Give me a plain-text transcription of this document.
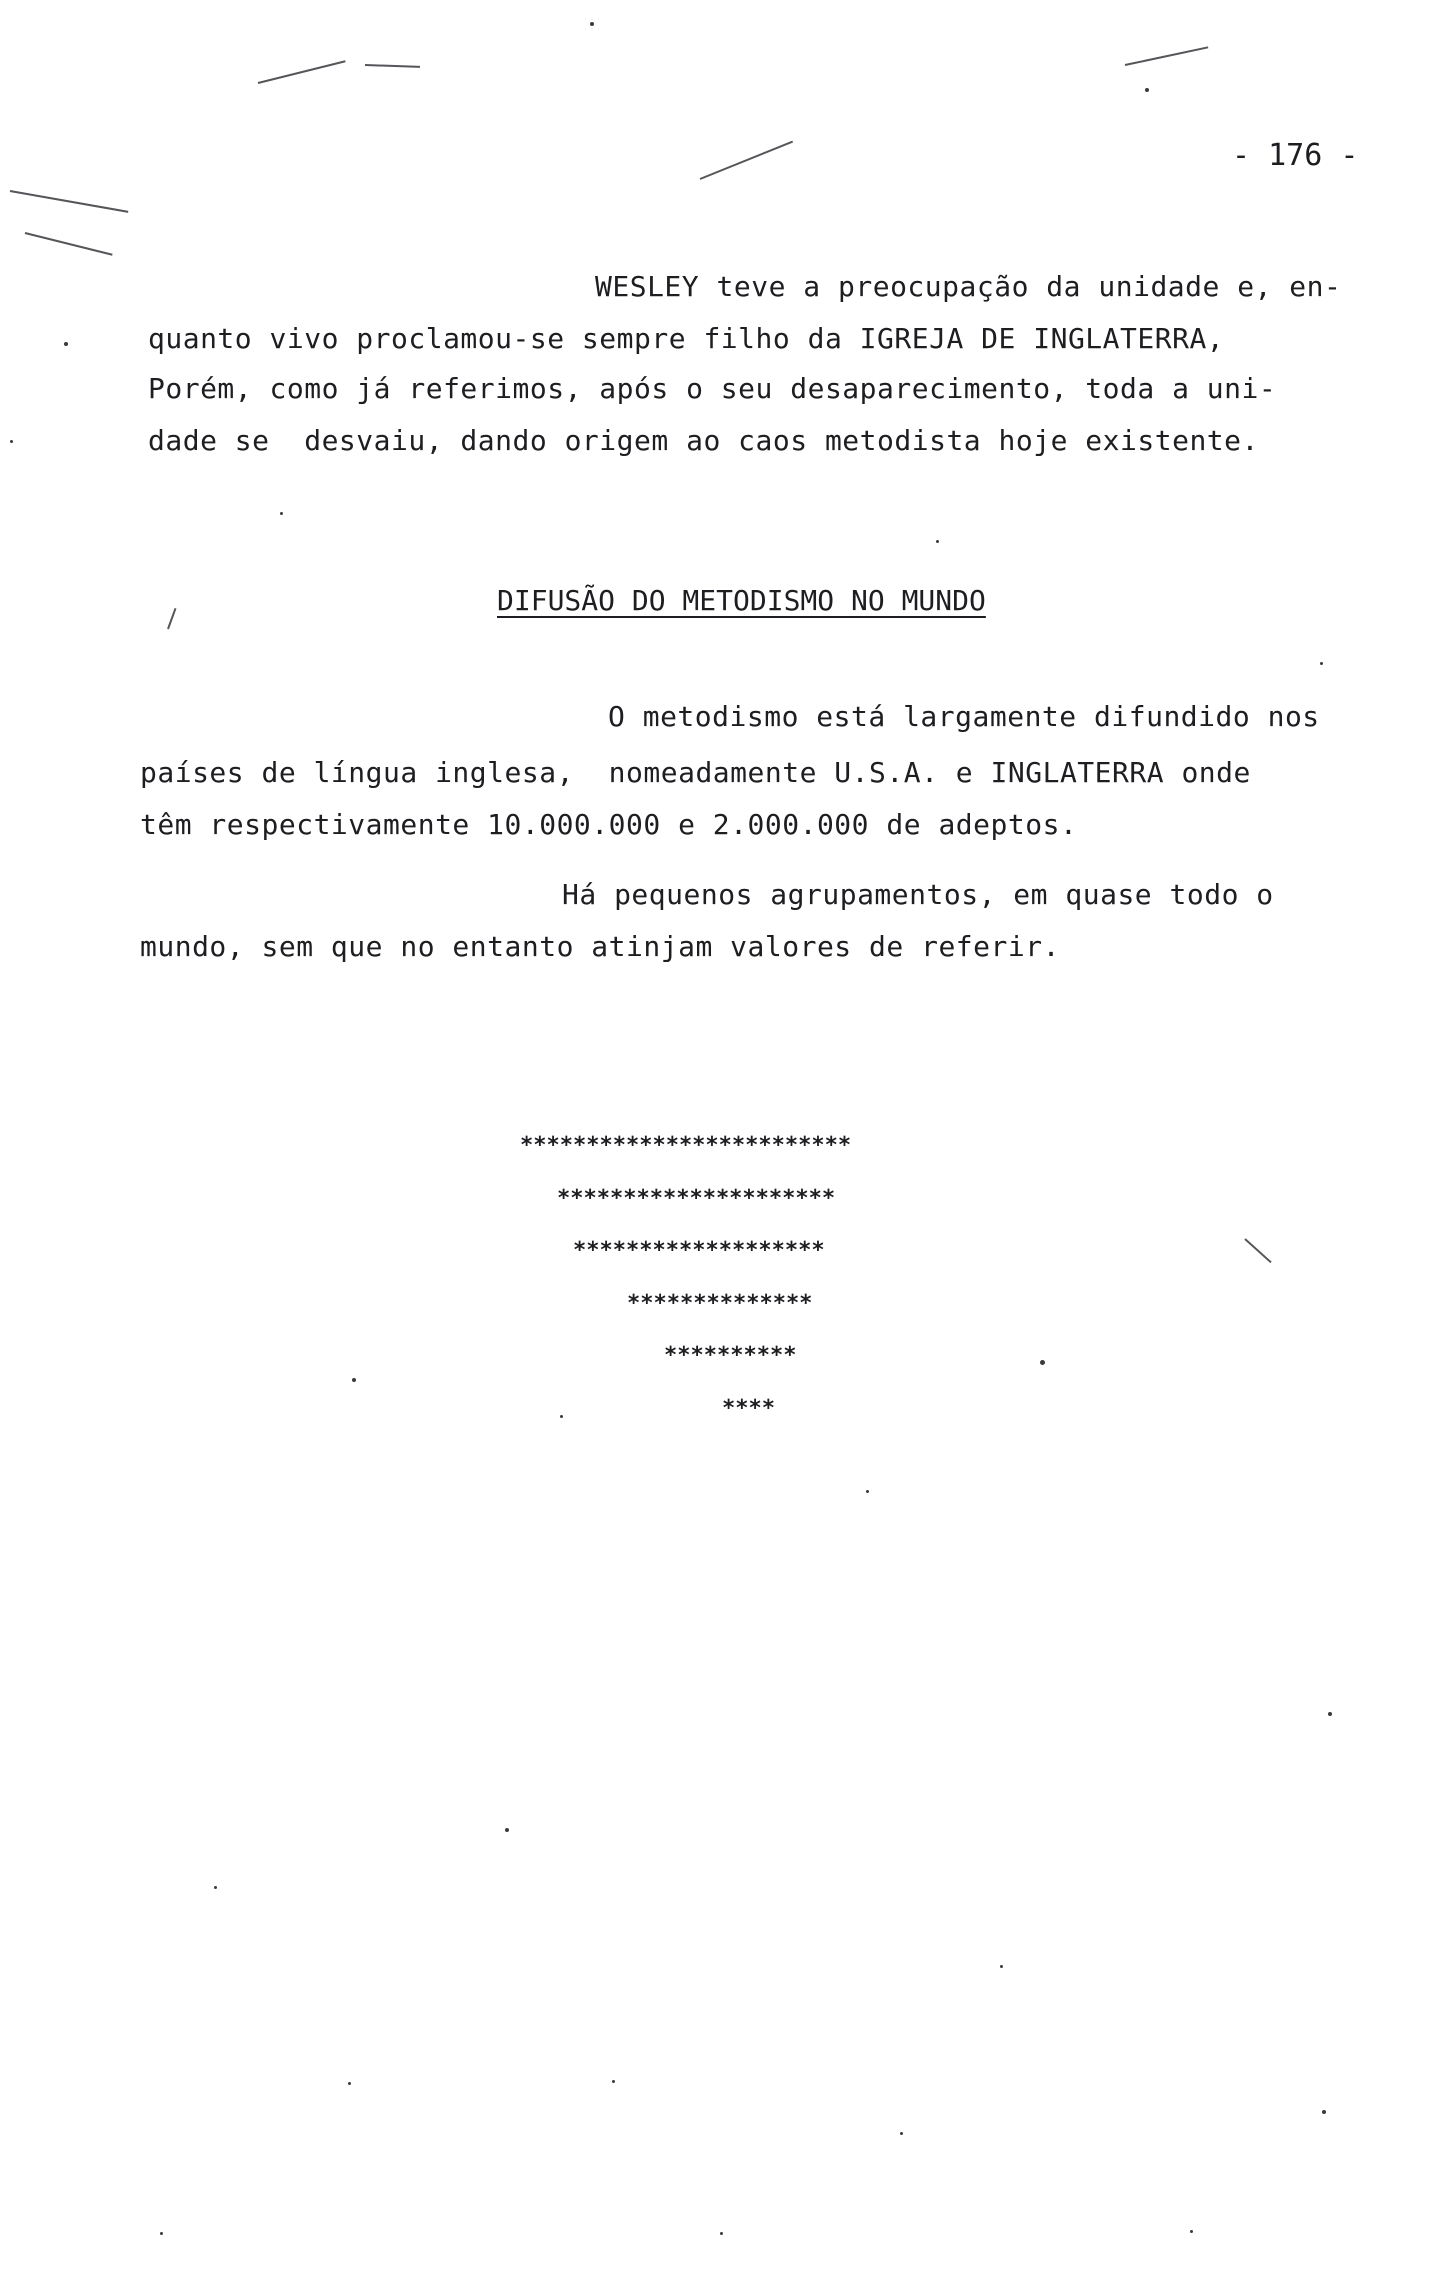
- 176 -
WESLEY teve a preocupação da unidade e, en-
quanto vivo proclamou-se sempre filho da IGREJA DE INGLATERRA,
Porém, como já referimos, após o seu desaparecimento, toda a uni-
dade se  desvaiu, dando origem ao caos metodista hoje existente.
DIFUSÃO DO METODISMO NO MUNDO
O metodismo está largamente difundido nos
países de língua inglesa,  nomeadamente U.S.A. e INGLATERRA onde
têm respectivamente 10.000.000 e 2.000.000 de adeptos.
Há pequenos agrupamentos, em quase todo o
mundo, sem que no entanto atinjam valores de referir.
*************************
*********************
*******************
**************
**********
****
